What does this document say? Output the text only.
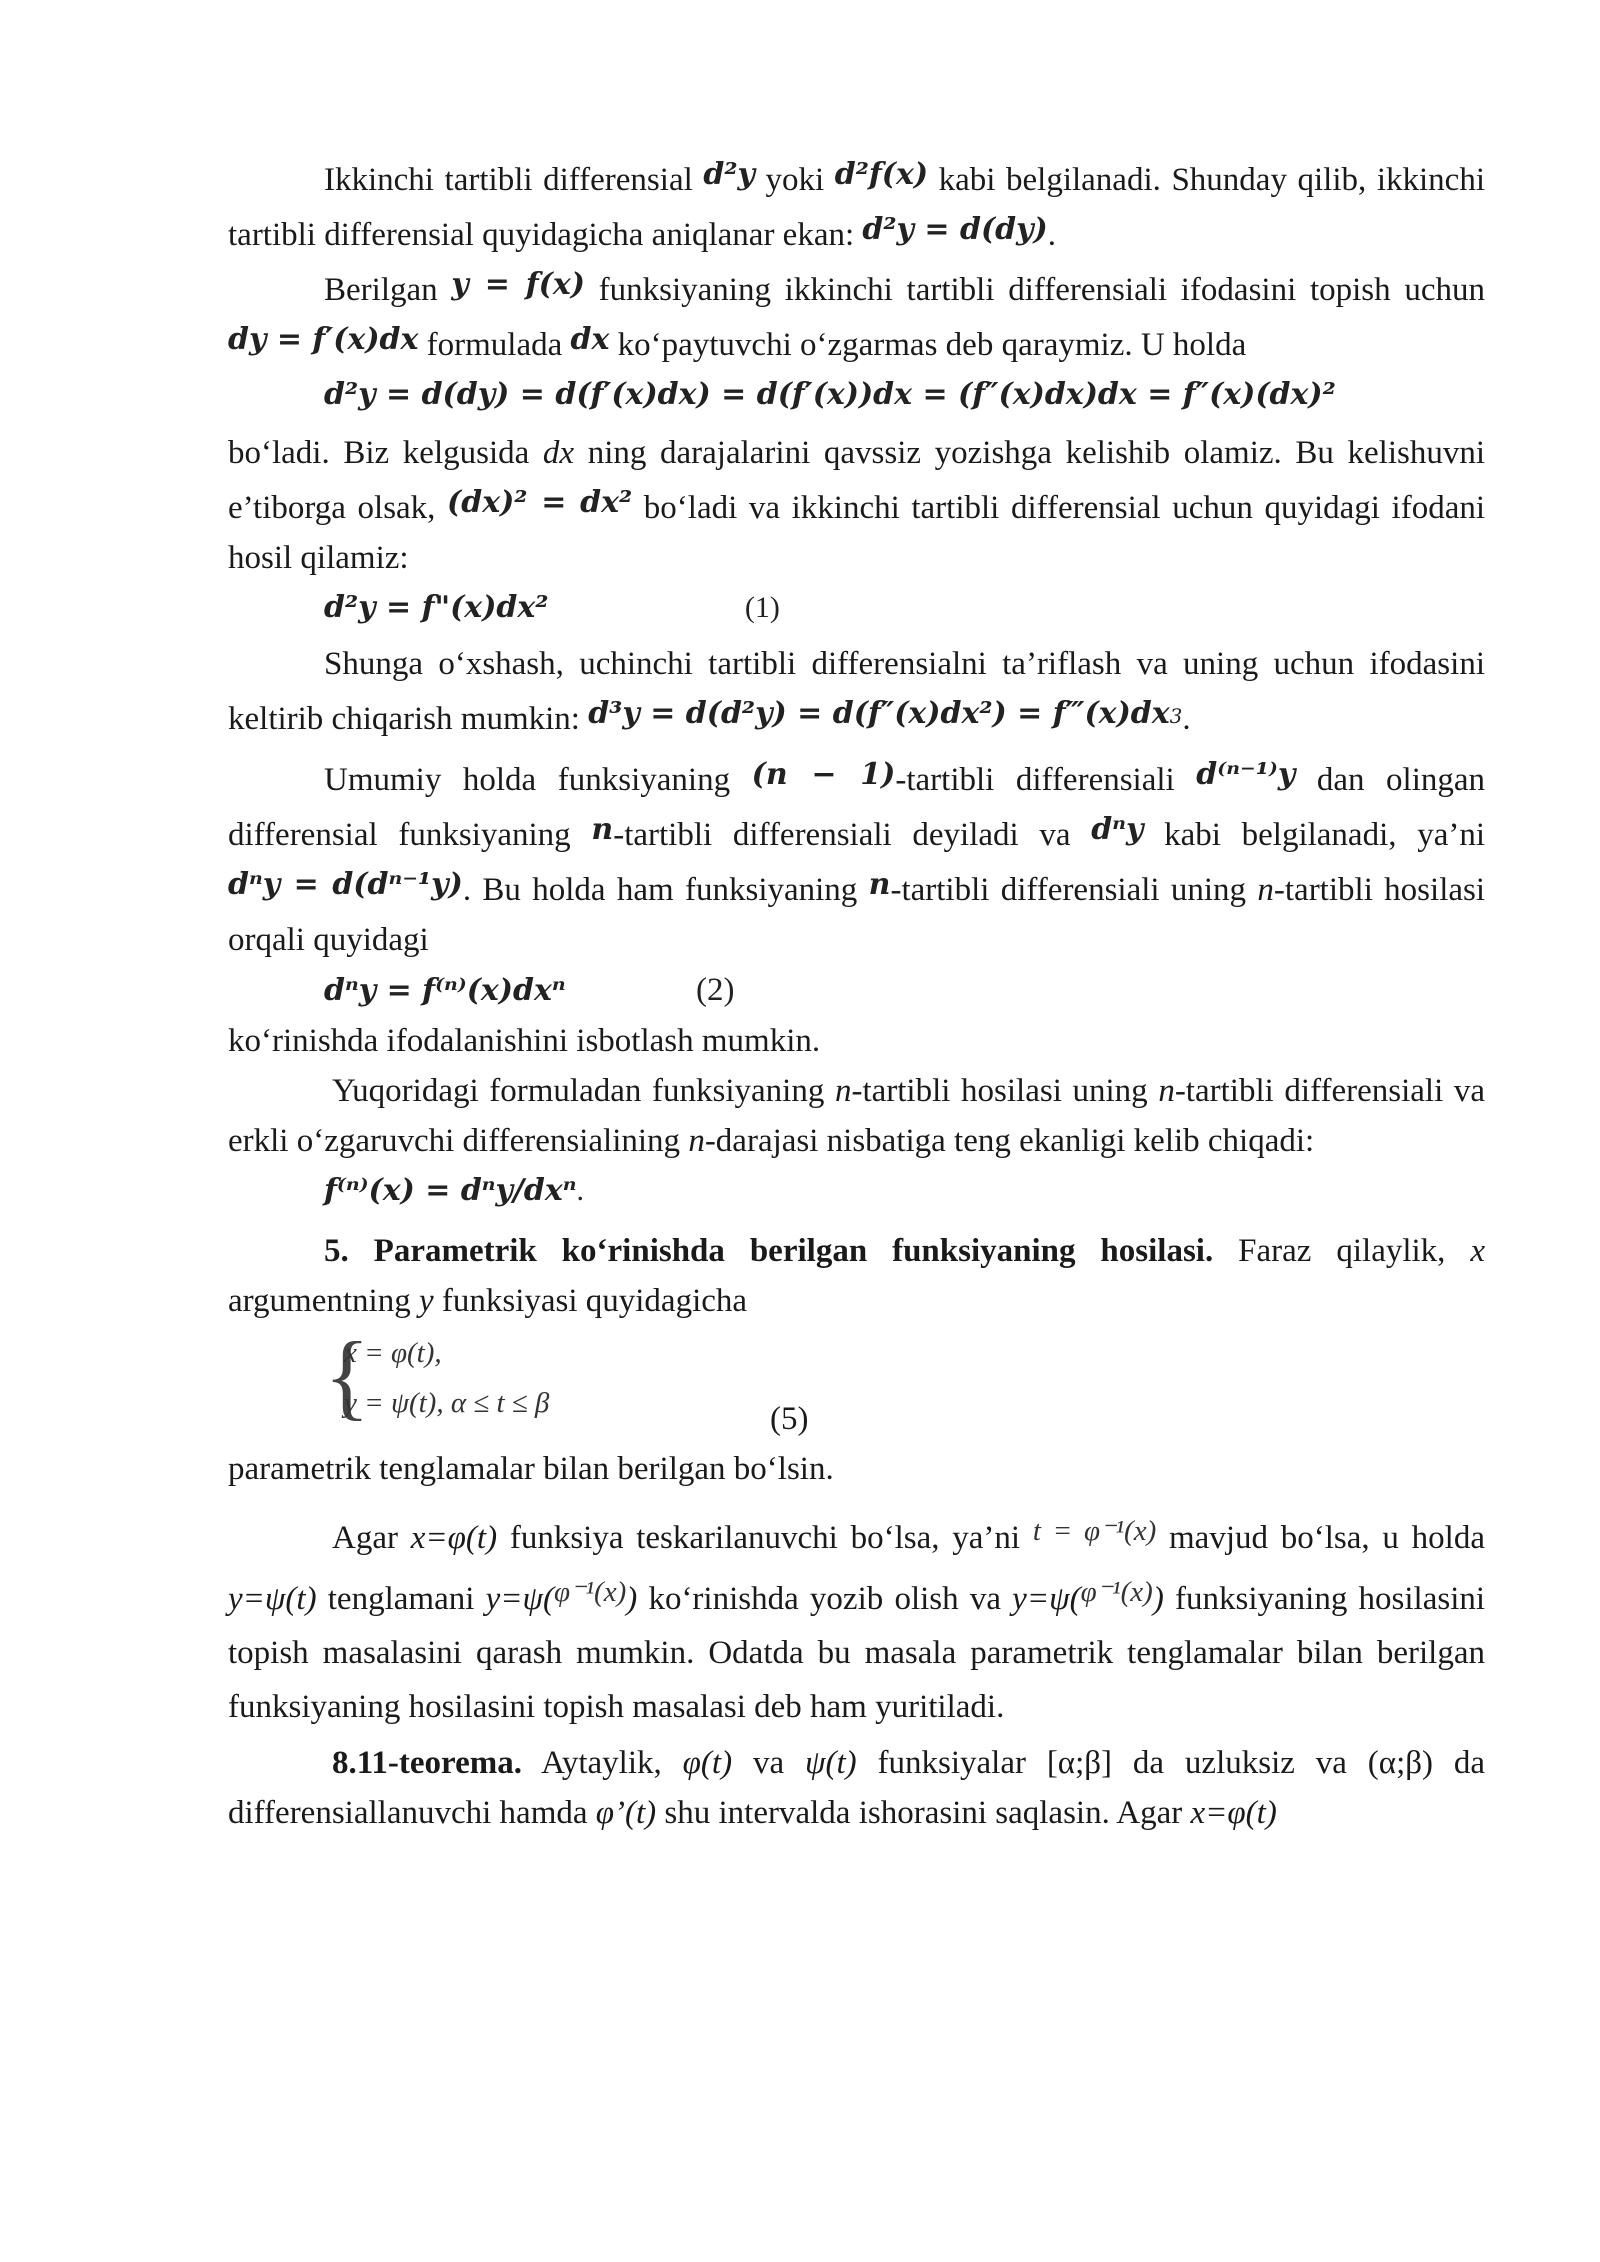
Ikkinchi tartibli differensial d²y yoki d²f(x) kabi belgilanadi. Shunday qilib, ikkinchi tartibli differensial quyidagicha aniqlanar ekan: d²y = d(dy).

Berilgan y = f(x) funksiyaning ikkinchi tartibli differensiali ifodasini topish uchun dy = f′(x)dx formulada dx ko‘paytuvchi o‘zgarmas deb qaraymiz. U holda

d²y = d(dy) = d(f′(x)dx) = d(f′(x))dx = (f″(x)dx)dx = f″(x)(dx)²

bo‘ladi. Biz kelgusida dx ning darajalarini qavssiz yozishga kelishib olamiz. Bu kelishuvni e’tiborga olsak, (dx)² = dx² bo‘ladi va ikkinchi tartibli differensial uchun quyidagi ifodani hosil qilamiz:

d²y = f"(x)dx²	(1)

Shunga o‘xshash, uchinchi tartibli differensialni ta’riflash va uning uchun ifodasini keltirib chiqarish mumkin: d³y = d(d²y) = d(f″(x)dx²) = f‴(x)dx3.

Umumiy holda funksiyaning (n − 1)-tartibli differensiali d⁽ⁿ⁻¹⁾y dan olingan differensial funksiyaning n-tartibli differensiali deyiladi va dⁿy kabi belgilanadi, ya’ni dⁿy = d(dⁿ⁻¹y). Bu holda ham funksiyaning n-tartibli differensiali uning n-tartibli hosilasi orqali quyidagi

dⁿy = f⁽ⁿ⁾(x)dxⁿ	(2)

ko‘rinishda ifodalanishini isbotlash mumkin.

Yuqoridagi formuladan funksiyaning n-tartibli hosilasi uning n-tartibli differensiali va erkli o‘zgaruvchi differensialining n-darajasi nisbatiga teng ekanligi kelib chiqadi:

f⁽ⁿ⁾(x) = dⁿy/dxⁿ.

5. Parametrik ko‘rinishda berilgan funksiyaning hosilasi. Faraz qilaylik, x argumentning y funksiyasi quyidagicha

{
x = φ(t),
y = ψ(t), α ≤ t ≤ β	(5)

parametrik tenglamalar bilan berilgan bo‘lsin.

Agar x=φ(t) funksiya teskarilanuvchi bo‘lsa, ya’ni t = φ⁻¹(x) mavjud bo‘lsa, u holda y=ψ(t) tenglamani y=ψ(φ⁻¹(x)) ko‘rinishda yozib olish va y=ψ(φ⁻¹(x)) funksiyaning hosilasini topish masalasini qarash mumkin. Odatda bu masala parametrik tenglamalar bilan berilgan funksiyaning hosilasini topish masalasi deb ham yuritiladi.

8.11-teorema. Aytaylik, φ(t) va ψ(t) funksiyalar [α;β] da uzluksiz va (α;β) da differensiallanuvchi hamda φ’(t) shu intervalda ishorasini saqlasin. Agar x=φ(t)
